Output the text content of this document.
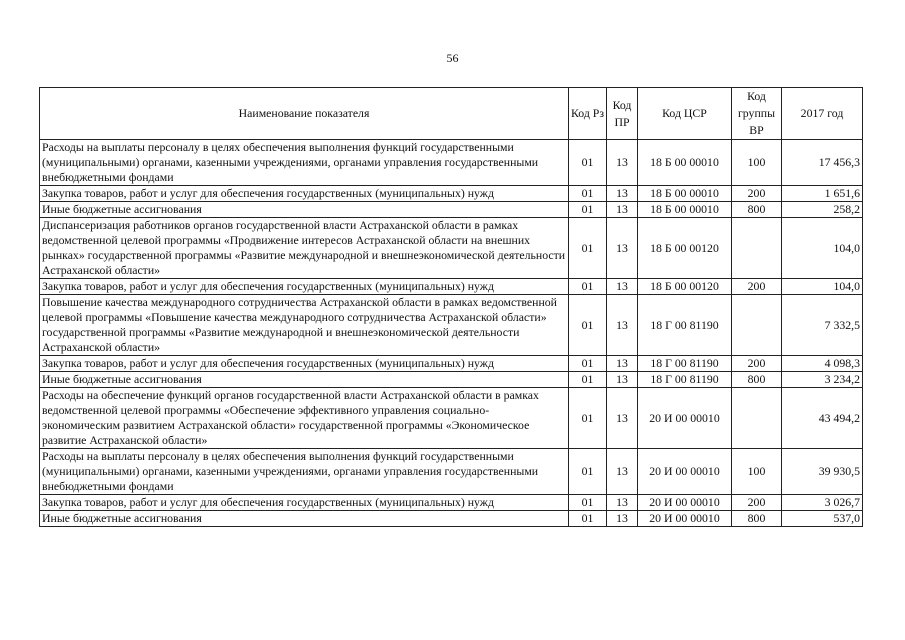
56
Наименование показателя	Код Рз	Код ПР	Код ЦСР	Код группы ВР	2017 год
Расходы на выплаты персоналу в целях обеспечения выполнения функций государственными (муниципальными) органами, казенными учреждениями, органами управления государственными внебюджетными фондами	01	13	18 Б 00 00010	100	17 456,3
Закупка товаров, работ и услуг для обеспечения государственных (муниципальных) нужд	01	13	18 Б 00 00010	200	1 651,6
Иные бюджетные ассигнования	01	13	18 Б 00 00010	800	258,2
Диспансеризация работников органов государственной власти Астраханской области в рамках ведомственной целевой программы «Продвижение интересов Астраханской области на внешних рынках» государственной программы «Развитие международной и внешнеэкономической деятельности Астраханской области»	01	13	18 Б 00 00120		104,0
Закупка товаров, работ и услуг для обеспечения государственных (муниципальных) нужд	01	13	18 Б 00 00120	200	104,0
Повышение качества международного сотрудничества Астраханской области в рамках ведомственной целевой программы «Повышение качества международного сотрудничества Астраханской области» государственной программы «Развитие международной и внешнеэкономической деятельности Астраханской области»	01	13	18 Г 00 81190		7 332,5
Закупка товаров, работ и услуг для обеспечения государственных (муниципальных) нужд	01	13	18 Г 00 81190	200	4 098,3
Иные бюджетные ассигнования	01	13	18 Г 00 81190	800	3 234,2
Расходы на обеспечение функций органов государственной власти Астраханской области в рамках ведомственной целевой программы «Обеспечение эффективного управления социально-экономическим развитием Астраханской области» государственной программы «Экономическое развитие Астраханской области»	01	13	20 И 00 00010		43 494,2
Расходы на выплаты персоналу в целях обеспечения выполнения функций государственными (муниципальными) органами, казенными учреждениями, органами управления государственными внебюджетными фондами	01	13	20 И 00 00010	100	39 930,5
Закупка товаров, работ и услуг для обеспечения государственных (муниципальных) нужд	01	13	20 И 00 00010	200	3 026,7
Иные бюджетные ассигнования	01	13	20 И 00 00010	800	537,0
